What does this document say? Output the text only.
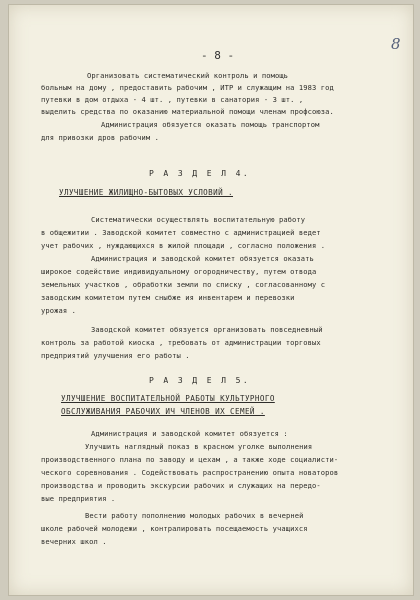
- 8 -
8
Организовать систематический контроль и помощь
больным на дому , предоставить рабочим , ИТР и служащим на 1983 год
путевки в дом отдыха - 4 шт. , путевки в санатория - 3 шт. ,
выделить средства по оказанию материальной помощи членам профсоюза.
Администрация обязуется оказать помощь транспортом
для привозки дров рабочим .
Р А З Д Е Л 4.
УЛУЧШЕНИЕ ЖИЛИЩНО-БЫТОВЫХ УСЛОВИЙ .
Систематически осуществлять воспитательную работу
в общежитии . Заводской комитет совместно с администрацией ведет
учет рабочих , нуждающихся в жилой площади , согласно положения .
Администрация и заводской комитет обязуется оказать
широкое содействие индивидуальному огородничеству, путем отвода
земельных участков , обработки земли по списку , согласованному с
заводским комитетом путем сныбже ия инвентарем и перевозки
урожая .
Заводской комитет обязуется организовать повседневный
контроль за работой киоска , требовать от администрации торговых
предприятий улучшения его работы .
Р А З Д Е Л 5.
УЛУЧШЕНИЕ ВОСПИТАТЕЛЬНОЙ РАБОТЫ КУЛЬТУРНОГО
ОБСЛУЖИВАНИЯ РАБОЧИХ ИЧ ЧЛЕНОВ ИХ СЕМЕЙ .
Администрация и заводской комитет обязуется :
Улучшить наглядный показ в красном уголке выполнения
производственного плана по заводу и цехам , а также ходе социалисти-
ческого соревнования . Содействовать распространению опыта новаторов
производства и проводить экскурсии рабочих и служащих на передо-
вые предприятия .
Вести работу пополнению молодых рабочих в вечерней
школе рабочей молодежи , контралировать посещаемость учащихся
вечерних школ .
